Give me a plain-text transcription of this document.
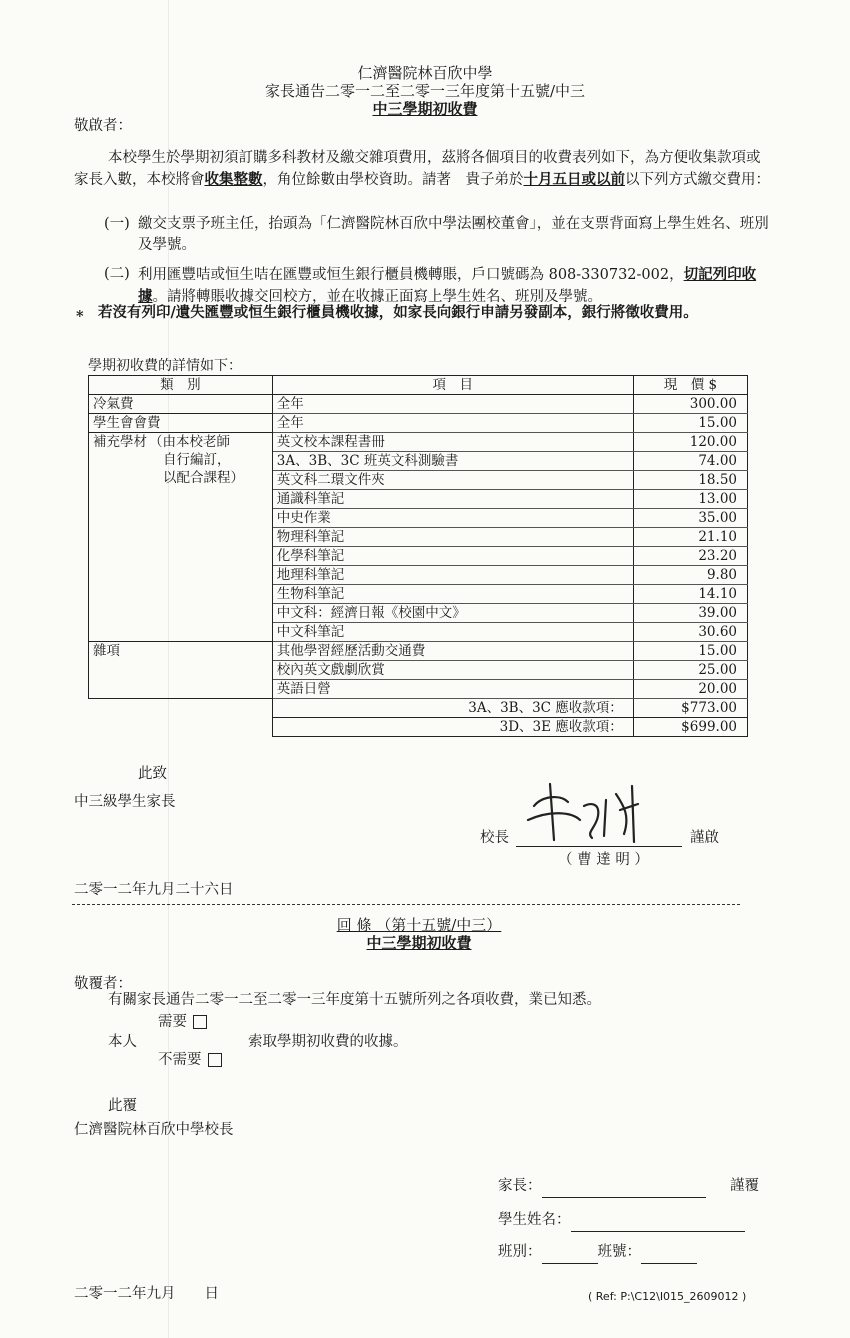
仁濟醫院林百欣中學
家長通告二零一二至二零一三年度第十五號/中三
中三學期初收費
敬啟者：
本校學生於學期初須訂購多科教材及繳交雜項費用，茲將各個項目的收費表列如下，為方便收集款項或家長入數，本校將會收集整數，角位餘數由學校資助。請著　貴子弟於十月五日或以前以下列方式繳交費用：
(一) 繳交支票予班主任，抬頭為「仁濟醫院林百欣中學法團校董會」，並在支票背面寫上學生姓名、班別及學號。
(二) 利用匯豐咭或恒生咭在匯豐或恒生銀行櫃員機轉賬，戶口號碼為 808-330732-002，切記列印收據。請將轉賬收據交回校方，並在收據正面寫上學生姓名、班別及學號。
* 若沒有列印/遺失匯豐或恒生銀行櫃員機收據，如家長向銀行申請另發副本，銀行將徵收費用。
學期初收費的詳情如下：
類　別	項　目	現　價 $
冷氣費	全年	300.00
學生會會費	全年	15.00

補充學材 （由本校老師
自行編訂，
以配合課程）	英文校本課程書冊	120.00
	3A、3B、3C 班英文科測驗書	74.00
	英文科二環文件夾	18.50
	通識科筆記	13.00
	中史作業	35.00
	物理科筆記	21.10
	化學科筆記	23.20
	地理科筆記	9.80
	生物科筆記	14.10
	中文科：經濟日報《校園中文》	39.00
	中文科筆記	30.60
雜項	其他學習經歷活動交通費	15.00
	校內英文戲劇欣賞	25.00
	英語日營	20.00
	3A、3B、3C 應收款項：	$773.00
	3D、3E 應收款項：	$699.00
此致
中三級學生家長
校長	謹啟
（ 曹 達 明 ）
二零一二年九月二十六日
回 條 （第十五號/中三）
中三學期初收費
敬覆者：
有關家長通告二零一二至二零一三年度第十五號所列之各項收費，業已知悉。
需要
本人	索取學期初收費的收據。
不需要
此覆
仁濟醫院林百欣中學校長
家長：	謹覆
學生姓名：
班別：	班號：
二零一二年九月　　日	( Ref: P:\C12\I015_2609012 )
